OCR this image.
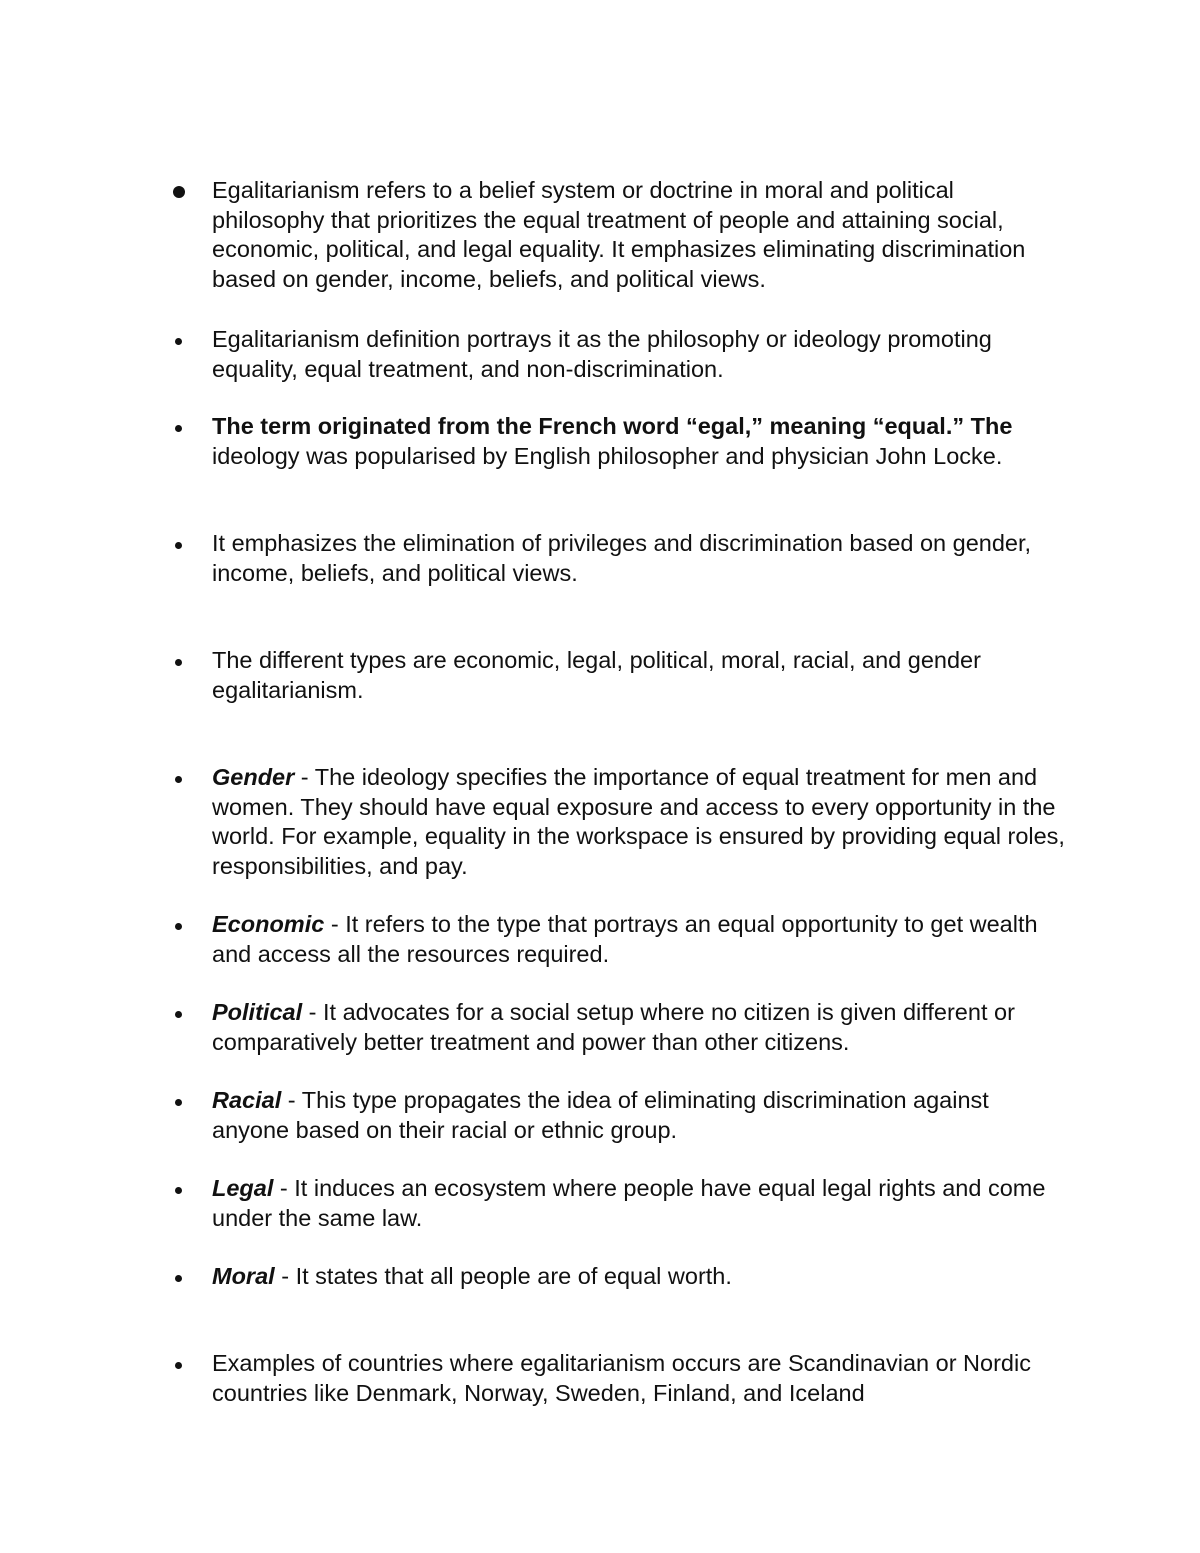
Egalitarianism refers to a belief system or doctrine in moral and political philosophy that prioritizes the equal treatment of people and attaining social, economic, political, and legal equality. It emphasizes eliminating discrimination based on gender, income, beliefs, and political views.
Egalitarianism definition portrays it as the philosophy or ideology promoting equality, equal treatment, and non-discrimination.
The term originated from the French word “egal,” meaning “equal.” The ideology was popularised by English philosopher and physician John Locke.
It emphasizes the elimination of privileges and discrimination based on gender, income, beliefs, and political views.
The different types are economic, legal, political, moral, racial, and gender egalitarianism.
Gender - The ideology specifies the importance of equal treatment for men and women. They should have equal exposure and access to every opportunity in the world. For example, equality in the workspace is ensured by providing equal roles, responsibilities, and pay.
Economic - It refers to the type that portrays an equal opportunity to get wealth and access all the resources required.
Political - It advocates for a social setup where no citizen is given different or comparatively better treatment and power than other citizens.
Racial - This type propagates the idea of eliminating discrimination against anyone based on their racial or ethnic group.
Legal - It induces an ecosystem where people have equal legal rights and come under the same law.
Moral - It states that all people are of equal worth.
Examples of countries where egalitarianism occurs are Scandinavian or Nordic countries like Denmark, Norway, Sweden, Finland, and Iceland
